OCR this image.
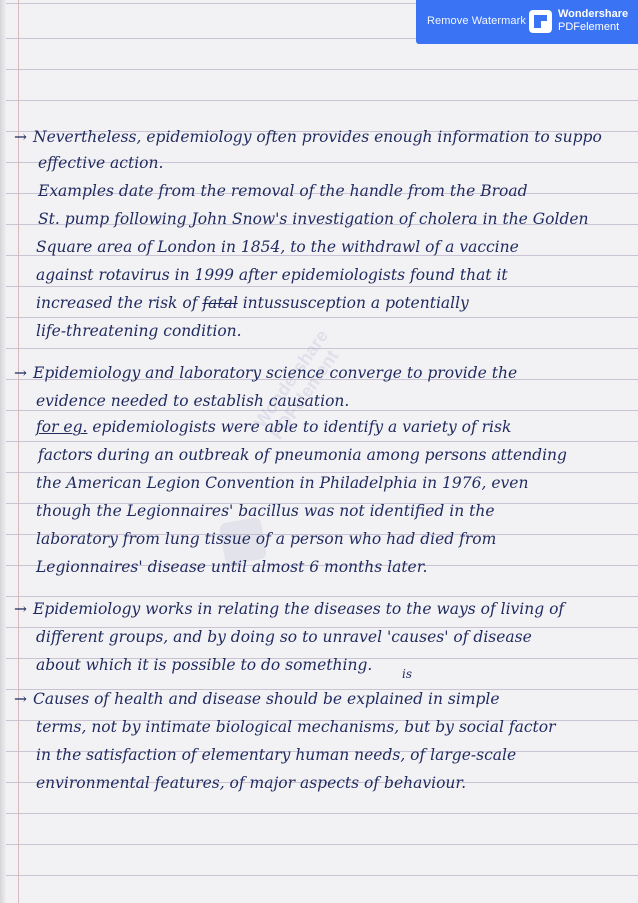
Wondershare PDFelement
→ Nevertheless, epidemiology often provides enough information to suppo
effective action.
Examples date from the removal of the handle from the Broad
St. pump following John Snow's investigation of cholera in the Golden
Square area of London in 1854, to the withdrawl of a vaccine
against rotavirus in 1999 after epidemiologists found that it
increased the risk of fatal intussusception a potentially
life-threatening condition.
→ Epidemiology and laboratory science converge to provide the
evidence needed to establish causation.
for eg. epidemiologists were able to identify a variety of risk
factors during an outbreak of pneumonia among persons attending
the American Legion Convention in Philadelphia in 1976, even
though the Legionnaires' bacillus was not identified in the
laboratory from lung tissue of a person who had died from
Legionnaires' disease until almost 6 months later.
→ Epidemiology works in relating the diseases to the ways of living of
different groups, and by doing so to unravel 'causes' of disease
about which it is possible to do something. is
→ Causes of health and disease should be explained in simple
terms, not by intimate biological mechanisms, but by social factor
in the satisfaction of elementary human needs, of large-scale
environmental features, of major aspects of behaviour.
Remove Watermark
Wondershare
PDFelement
